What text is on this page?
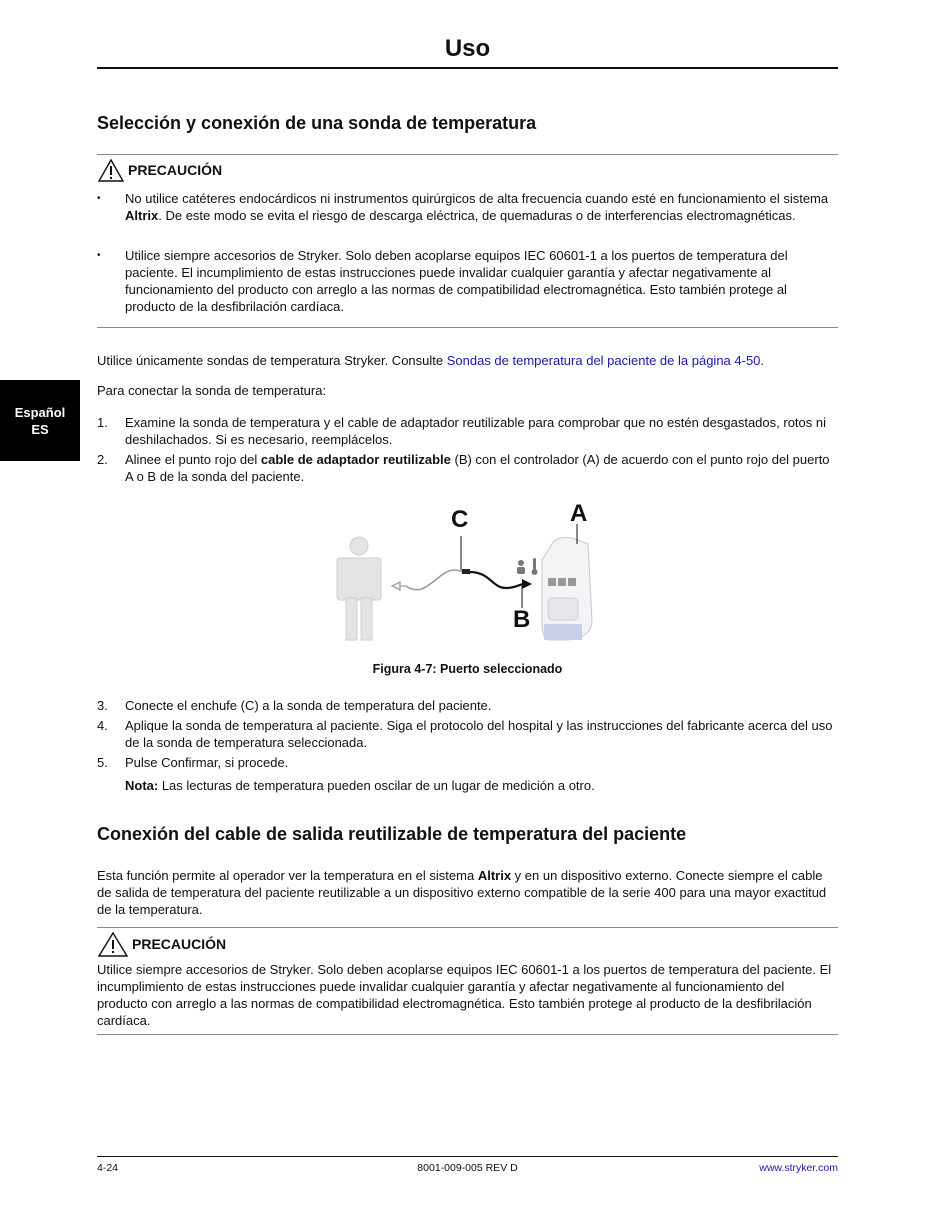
Uso
Español
ES
Selección y conexión de una sonda de temperatura
PRECAUCIÓN
•	No utilice catéteres endocárdicos ni instrumentos quirúrgicos de alta frecuencia cuando esté en funcionamiento el sistema Altrix. De este modo se evita el riesgo de descarga eléctrica, de quemaduras o de interferencias electromagnéticas.
•	Utilice siempre accesorios de Stryker. Solo deben acoplarse equipos IEC 60601-1 a los puertos de temperatura del paciente. El incumplimiento de estas instrucciones puede invalidar cualquier garantía y afectar negativamente al funcionamiento del producto con arreglo a las normas de compatibilidad electromagnética. Esto también protege al producto de la desfibrilación cardíaca.
Utilice únicamente sondas de temperatura Stryker. Consulte Sondas de temperatura del paciente de la página 4-50.
Para conectar la sonda de temperatura:
1.	Examine la sonda de temperatura y el cable de adaptador reutilizable para comprobar que no estén desgastados, rotos ni deshilachados. Si es necesario, reemplácelos.
2.	Alinee el punto rojo del cable de adaptador reutilizable (B) con el controlador (A) de acuerdo con el punto rojo del puerto A o B de la sonda del paciente.
C	A
B
Figura 4-7: Puerto seleccionado
3.	Conecte el enchufe (C) a la sonda de temperatura del paciente.
4.	Aplique la sonda de temperatura al paciente. Siga el protocolo del hospital y las instrucciones del fabricante acerca del uso de la sonda de temperatura seleccionada.
5.	Pulse Confirmar, si procede.
Nota: Las lecturas de temperatura pueden oscilar de un lugar de medición a otro.
Conexión del cable de salida reutilizable de temperatura del paciente
Esta función permite al operador ver la temperatura en el sistema Altrix y en un dispositivo externo. Conecte siempre el cable de salida de temperatura del paciente reutilizable a un dispositivo externo compatible de la serie 400 para una mayor exactitud de la temperatura.
PRECAUCIÓN
Utilice siempre accesorios de Stryker. Solo deben acoplarse equipos IEC 60601-1 a los puertos de temperatura del paciente. El incumplimiento de estas instrucciones puede invalidar cualquier garantía y afectar negativamente al funcionamiento del producto con arreglo a las normas de compatibilidad electromagnética. Esto también protege al producto de la desfibrilación cardíaca.
4-24	8001-009-005 REV D	www.stryker.com
